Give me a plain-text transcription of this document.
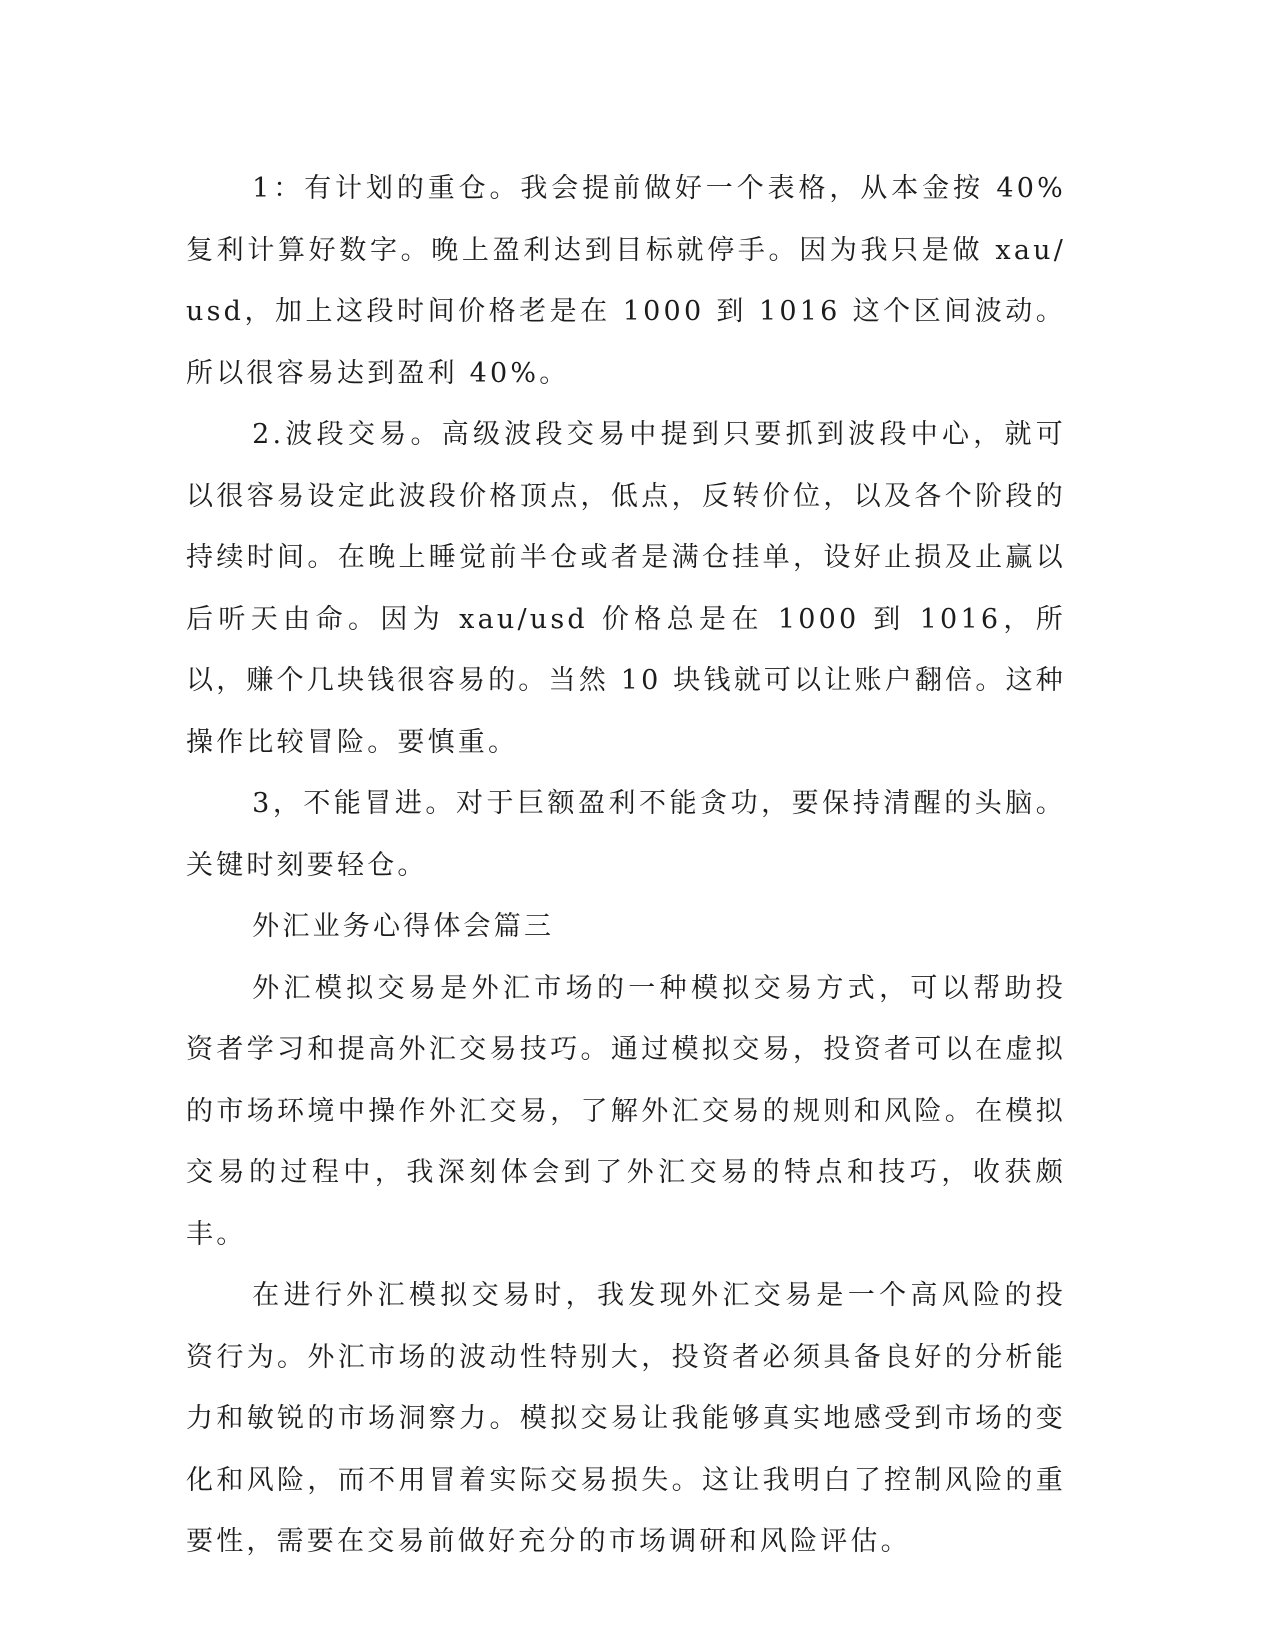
1：有计划的重仓。我会提前做好一个表格，从本金按 40%复利计算好数字。晚上盈利达到目标就停手。因为我只是做 xau/usd，加上这段时间价格老是在 1000 到 1016 这个区间波动。所以很容易达到盈利 40%。

2.波段交易。高级波段交易中提到只要抓到波段中心，就可以很容易设定此波段价格顶点，低点，反转价位，以及各个阶段的持续时间。在晚上睡觉前半仓或者是满仓挂单，设好止损及止赢以后听天由命。因为 xau/usd 价格总是在 1000 到 1016，所以，赚个几块钱很容易的。当然 10 块钱就可以让账户翻倍。这种操作比较冒险。要慎重。

3，不能冒进。对于巨额盈利不能贪功，要保持清醒的头脑。关键时刻要轻仓。

外汇业务心得体会篇三

外汇模拟交易是外汇市场的一种模拟交易方式，可以帮助投资者学习和提高外汇交易技巧。通过模拟交易，投资者可以在虚拟的市场环境中操作外汇交易，了解外汇交易的规则和风险。在模拟交易的过程中，我深刻体会到了外汇交易的特点和技巧，收获颇丰。

在进行外汇模拟交易时，我发现外汇交易是一个高风险的投资行为。外汇市场的波动性特别大，投资者必须具备良好的分析能力和敏锐的市场洞察力。模拟交易让我能够真实地感受到市场的变化和风险，而不用冒着实际交易损失。这让我明白了控制风险的重要性，需要在交易前做好充分的市场调研和风险评估。
